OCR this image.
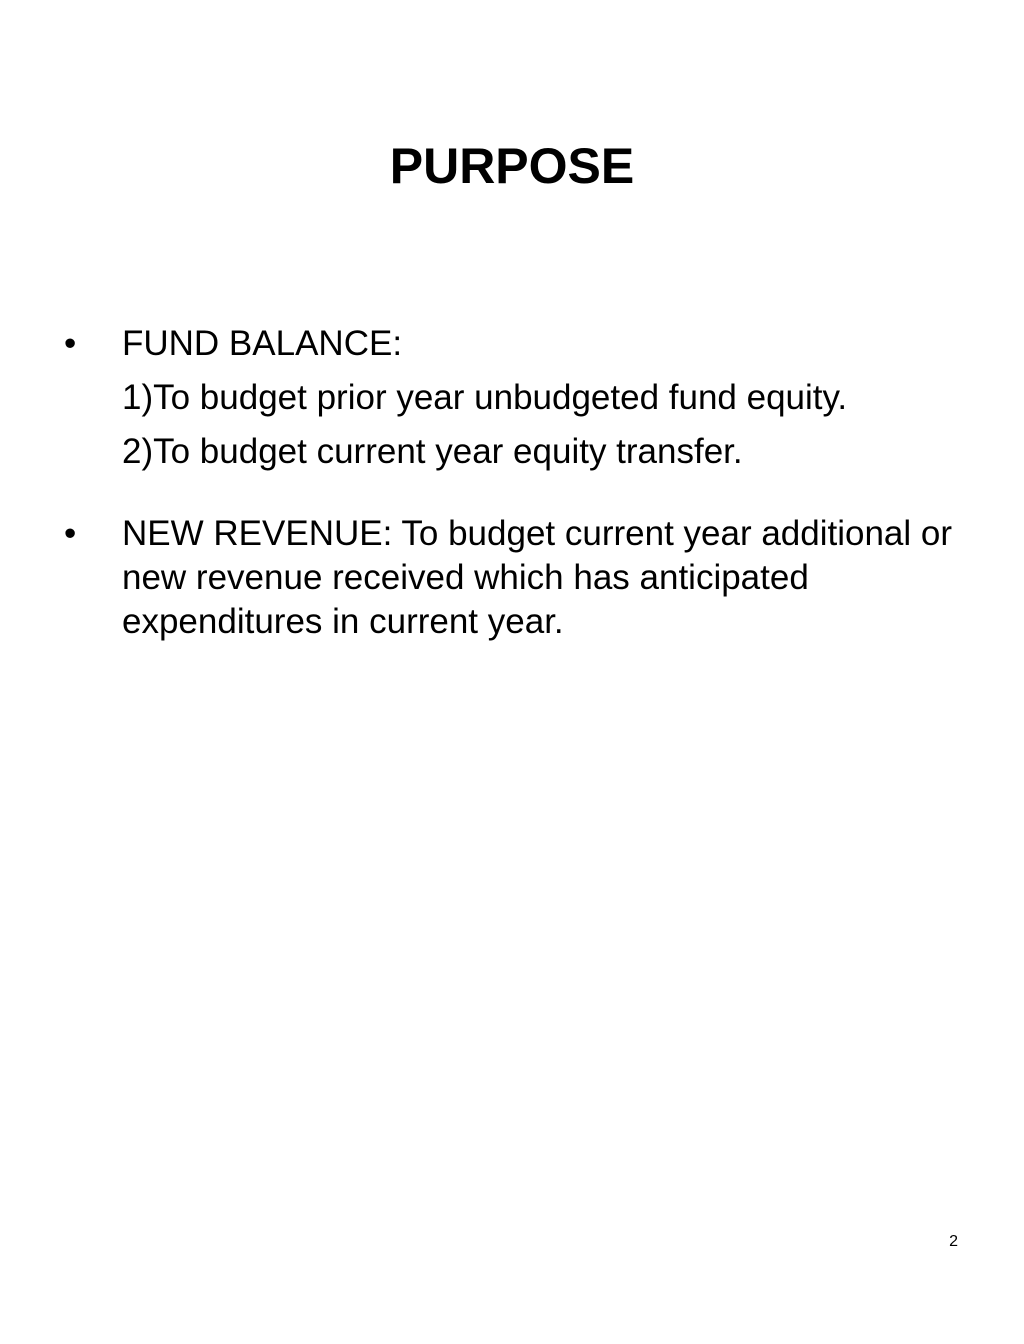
PURPOSE
• FUND BALANCE:
1)To budget prior year unbudgeted fund equity.
2)To budget current year equity transfer.
• NEW REVENUE: To budget current year additional or new revenue received which has anticipated expenditures in current year.
2
